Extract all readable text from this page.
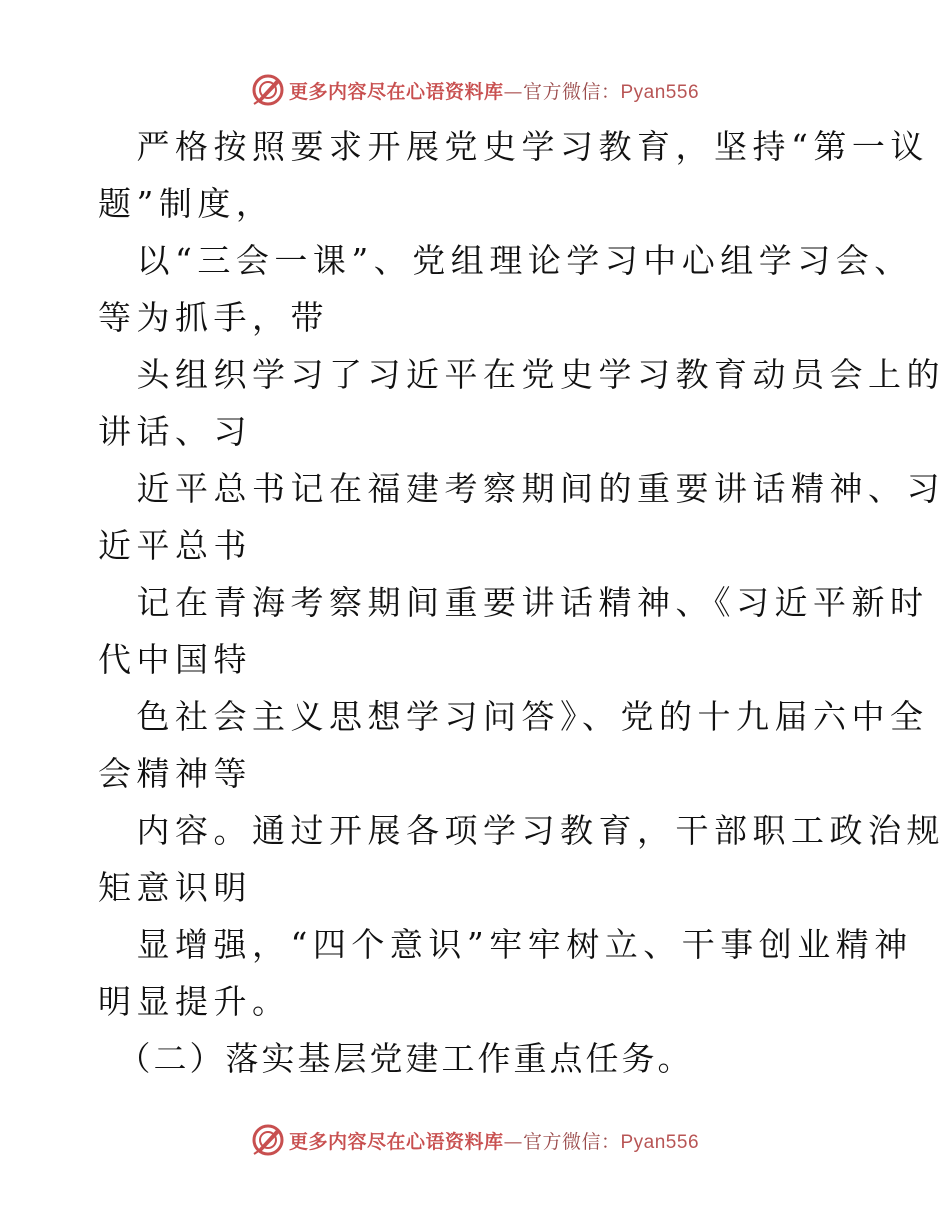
更多内容尽在心语资料库—官方微信：Pyan556
　严格按照要求开展党史学习教育，坚持“第一议
题”制度，
　以“三会一课”、党组理论学习中心组学习会、
等为抓手，带
　头组织学习了习近平在党史学习教育动员会上的
讲话、习
　近平总书记在福建考察期间的重要讲话精神、习
近平总书
　记在青海考察期间重要讲话精神、《习近平新时
代中国特
　色社会主义思想学习问答》、党的十九届六中全
会精神等
　内容。通过开展各项学习教育，干部职工政治规
矩意识明
　显增强，“四个意识”牢牢树立、干事创业精神
明显提升。
　（二）落实基层党建工作重点任务。
更多内容尽在心语资料库—官方微信：Pyan556
